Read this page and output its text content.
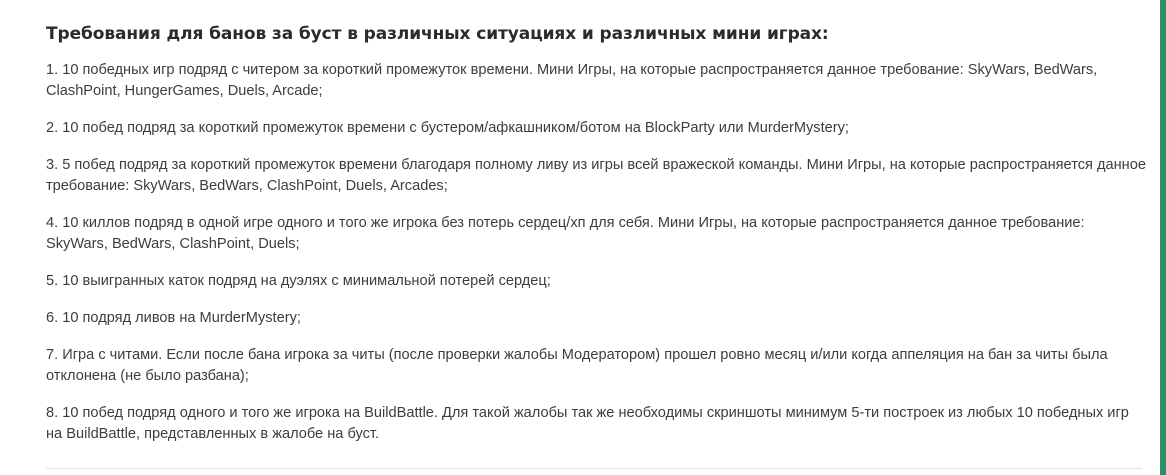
Требования для банов за буст в различных ситуациях и различных мини играх:
1. 10 победных игр подряд с читером за короткий промежуток времени. Мини Игры, на которые распространяется данное требование: SkyWars, BedWars, ClashPoint, HungerGames, Duels, Arcade;
2. 10 побед подряд за короткий промежуток времени с бустером/афкашником/ботом на BlockParty или MurderMystery;
3. 5 побед подряд за короткий промежуток времени благодаря полному ливу из игры всей вражеской команды. Мини Игры, на которые распространяется данное требование: SkyWars, BedWars, ClashPoint, Duels, Arcades;
4. 10 киллов подряд в одной игре одного и того же игрока без потерь сердец/хп для себя. Мини Игры, на которые распространяется данное требование: SkyWars, BedWars, ClashPoint, Duels;
5. 10 выигранных каток подряд на дуэлях с минимальной потерей сердец;
6. 10 подряд ливов на MurderMystery;
7. Игра с читами. Если после бана игрока за читы (после проверки жалобы Модератором) прошел ровно месяц и/или когда аппеляция на бан за читы была отклонена (не было разбана);
8. 10 побед подряд одного и того же игрока на BuildBattle. Для такой жалобы так же необходимы скриншоты минимум 5-ти построек из любых 10 победных игр на BuildBattle, представленных в жалобе на буст.
